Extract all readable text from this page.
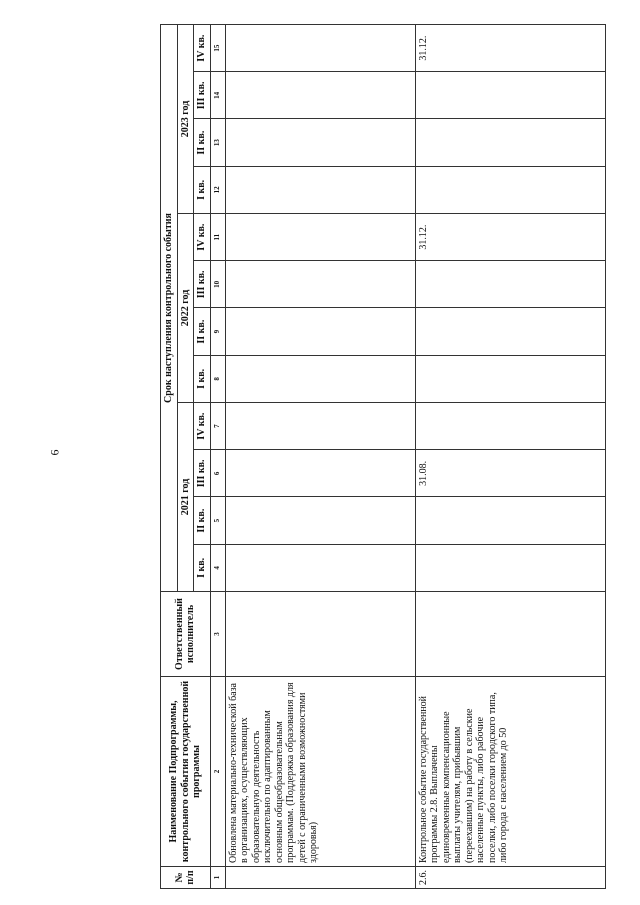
6
№ п/п	Наименование Подпрограммы, контрольного события государственной программы	Ответственный исполнитель	Срок наступления контрольного события											
			2021 год				2022 год				2023 год			
			I кв.	II кв.	III кв.	IV кв.	I кв.	II кв.	III кв.	IV кв.	I кв.	II кв.	III кв.	IV кв.
1	2	3	4	5	6	7	8	9	10	11	12	13	14	15
	Обновлена материально-технической база в организациях, осуществляющих образовательную деятельность исключительно по адаптированным основным общеобразовательным программам. (Поддержка образования для детей с ограниченными возможностями здоровья)													
2.6.	Контрольное событие государственной программы 2.8. Выплачены единовременные компенсационные выплаты учителям, прибывшим (переехавшим) на работу в сельские населенные пункты, либо рабочие поселки, либо поселки городского типа, либо города с населением до 50				31.08.					31.12.				31.12.
